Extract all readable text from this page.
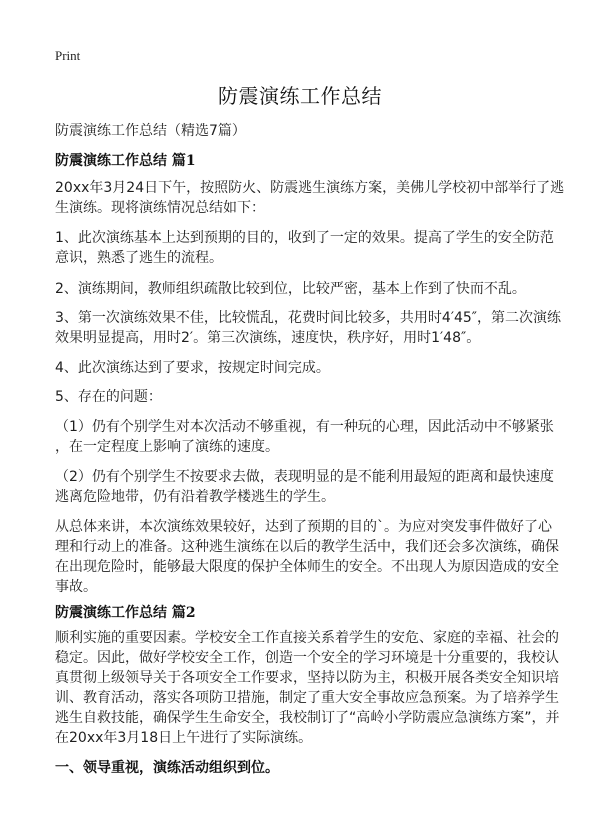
Print
防震演练工作总结
防震演练工作总结（精选7篇）
防震演练工作总结 篇1
20xx年3月24日下午，按照防火、防震逃生演练方案，美佛儿学校初中部举行了逃
生演练。现将演练情况总结如下：
1、此次演练基本上达到预期的目的，收到了一定的效果。提高了学生的安全防范
意识，熟悉了逃生的流程。
2、演练期间，教师组织疏散比较到位，比较严密，基本上作到了快而不乱。
3、第一次演练效果不佳，比较慌乱，花费时间比较多，共用时4′45″，第二次演练
效果明显提高，用时2′。第三次演练，速度快，秩序好，用时1′48″。
4、此次演练达到了要求，按规定时间完成。
5、存在的问题：
（1）仍有个别学生对本次活动不够重视，有一种玩的心理，因此活动中不够紧张
，在一定程度上影响了演练的速度。
（2）仍有个别学生不按要求去做，表现明显的是不能利用最短的距离和最快速度
逃离危险地带，仍有沿着教学楼逃生的学生。
从总体来讲，本次演练效果较好，达到了预期的目的`。为应对突发事件做好了心
理和行动上的准备。这种逃生演练在以后的教学生活中，我们还会多次演练，确保
在出现危险时，能够最大限度的保护全体师生的安全。不出现人为原因造成的安全
事故。
防震演练工作总结 篇2
顺利实施的重要因素。学校安全工作直接关系着学生的安危、家庭的幸福、社会的
稳定。因此，做好学校安全工作，创造一个安全的学习环境是十分重要的，我校认
真贯彻上级领导关于各项安全工作要求，坚持以防为主，积极开展各类安全知识培
训、教育活动，落实各项防卫措施，制定了重大安全事故应急预案。为了培养学生
逃生自救技能，确保学生生命安全，我校制订了“高岭小学防震应急演练方案”，并
在20xx年3月18日上午进行了实际演练。
一、领导重视，演练活动组织到位。
